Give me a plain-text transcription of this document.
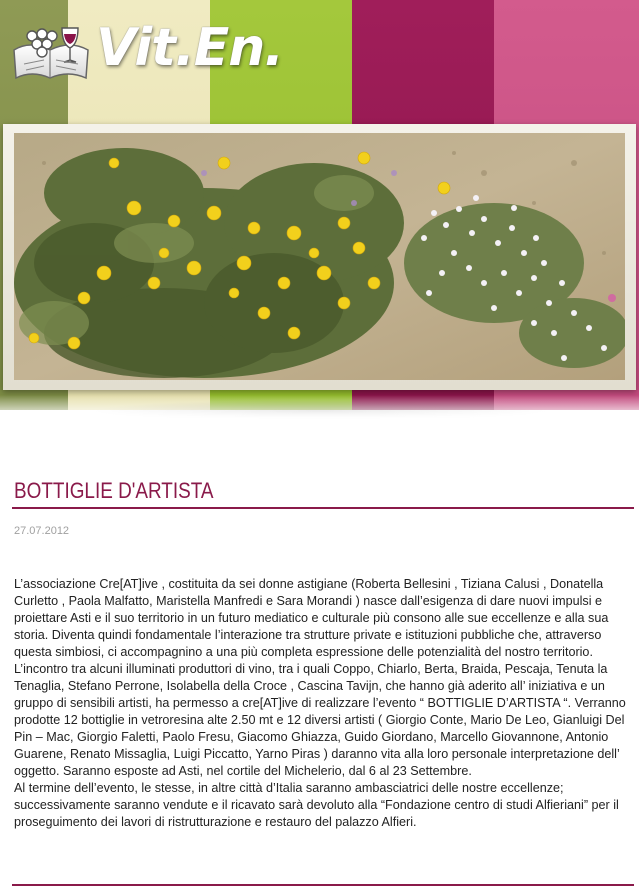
Vit.En.
BOTTIGLIE D'ARTISTA
27.07.2012

L’associazione Cre[AT]ive , costituita da sei donne astigiane (Roberta Bellesini , Tiziana Calusi , Donatella Curletto , Paola Malfatto, Maristella Manfredi e Sara Morandi ) nasce dall’esigenza di dare nuovi impulsi e proiettare Asti e il suo territorio in un futuro mediatico e culturale più consono alle sue eccellenze e alla sua storia. Diventa quindi fondamentale l’interazione tra strutture private e istituzioni pubbliche che, attraverso questa simbiosi, ci accompagnino a una più completa espressione delle potenzialità del nostro territorio.

L’incontro tra alcuni illuminati produttori di vino, tra i quali Coppo, Chiarlo, Berta, Braida, Pescaja, Tenuta la Tenaglia, Stefano Perrone, Isolabella della Croce , Cascina Tavijn, che hanno già aderito all’ iniziativa e un gruppo di sensibili artisti, ha permesso a cre[AT]ive di realizzare l’evento “ BOTTIGLIE D’ARTISTA “. Verranno prodotte 12 bottiglie in vetroresina alte 2.50 mt e 12 diversi artisti ( Giorgio Conte, Mario De Leo, Gianluigi Del Pin – Mac, Giorgio Faletti, Paolo Fresu, Giacomo Ghiazza, Guido Giordano, Marcello Giovannone, Antonio Guarene, Renato Missaglia, Luigi Piccatto, Yarno Piras ) daranno vita alla loro personale interpretazione dell’ oggetto. Saranno esposte ad Asti, nel cortile del Michelerio, dal 6 al 23 Settembre.

Al termine dell’evento, le stesse, in altre città d’Italia saranno ambasciatrici delle nostre eccellenze; successivamente saranno vendute e il ricavato sarà devoluto alla “Fondazione centro di studi Alfieriani” per il proseguimento dei lavori di ristrutturazione e restauro del palazzo Alfieri.
